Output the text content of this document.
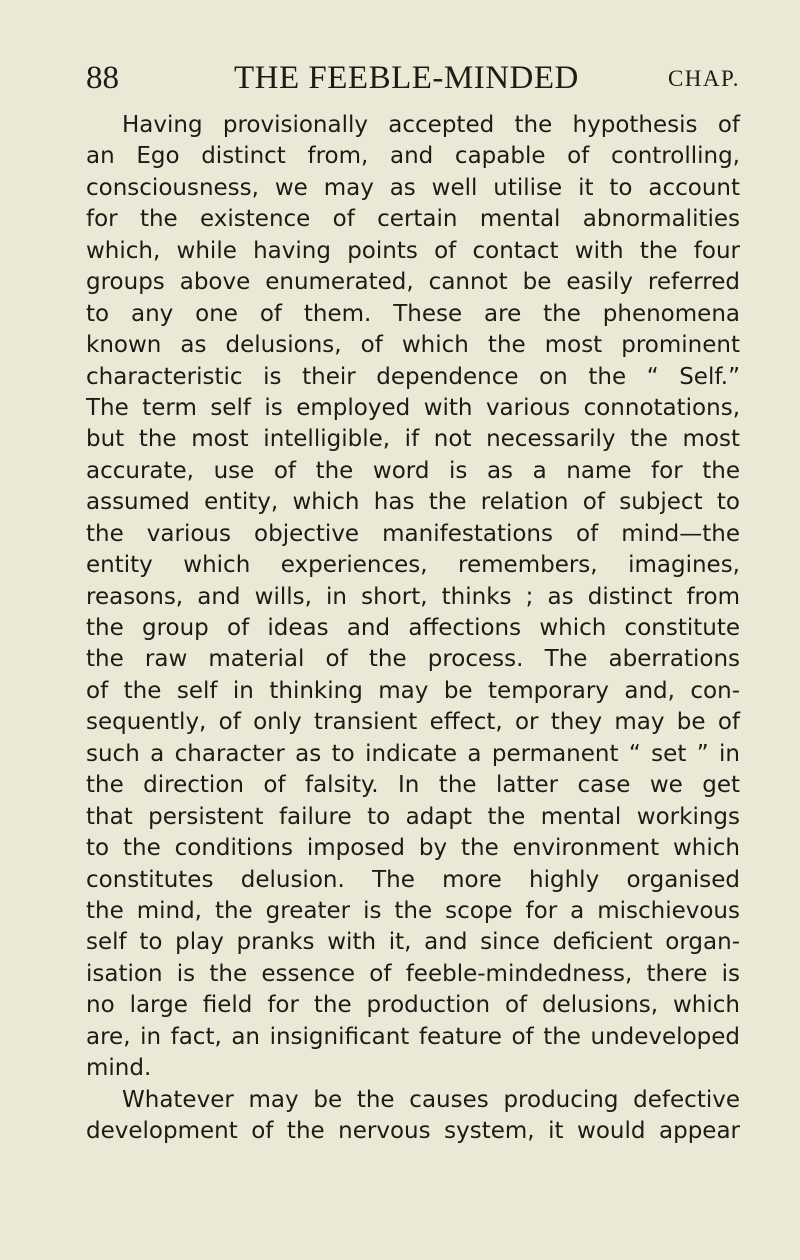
88	THE FEEBLE-MINDED	CHAP.
Having provisionally accepted the hypothesis of
an Ego distinct from, and capable of controlling,
consciousness, we may as well utilise it to account
for the existence of certain mental abnormalities
which, while having points of contact with the four
groups above enumerated, cannot be easily referred
to any one of them. These are the phenomena
known as delusions, of which the most prominent
characteristic is their dependence on the “ Self.”
The term self is employed with various connotations,
but the most intelligible, if not necessarily the most
accurate, use of the word is as a name for the
assumed entity, which has the relation of subject to
the various objective manifestations of mind—the
entity which experiences, remembers, imagines,
reasons, and wills, in short, thinks ; as distinct from
the group of ideas and affections which constitute
the raw material of the process. The aberrations
of the self in thinking may be temporary and, con-
sequently, of only transient effect, or they may be of
such a character as to indicate a permanent “ set ” in
the direction of falsity. In the latter case we get
that persistent failure to adapt the mental workings
to the conditions imposed by the environment which
constitutes delusion. The more highly organised
the mind, the greater is the scope for a mischievous
self to play pranks with it, and since deficient organ-
isation is the essence of feeble-mindedness, there is
no large field for the production of delusions, which
are, in fact, an insignificant feature of the undeveloped
mind.
Whatever may be the causes producing defective
development of the nervous system, it would appear
